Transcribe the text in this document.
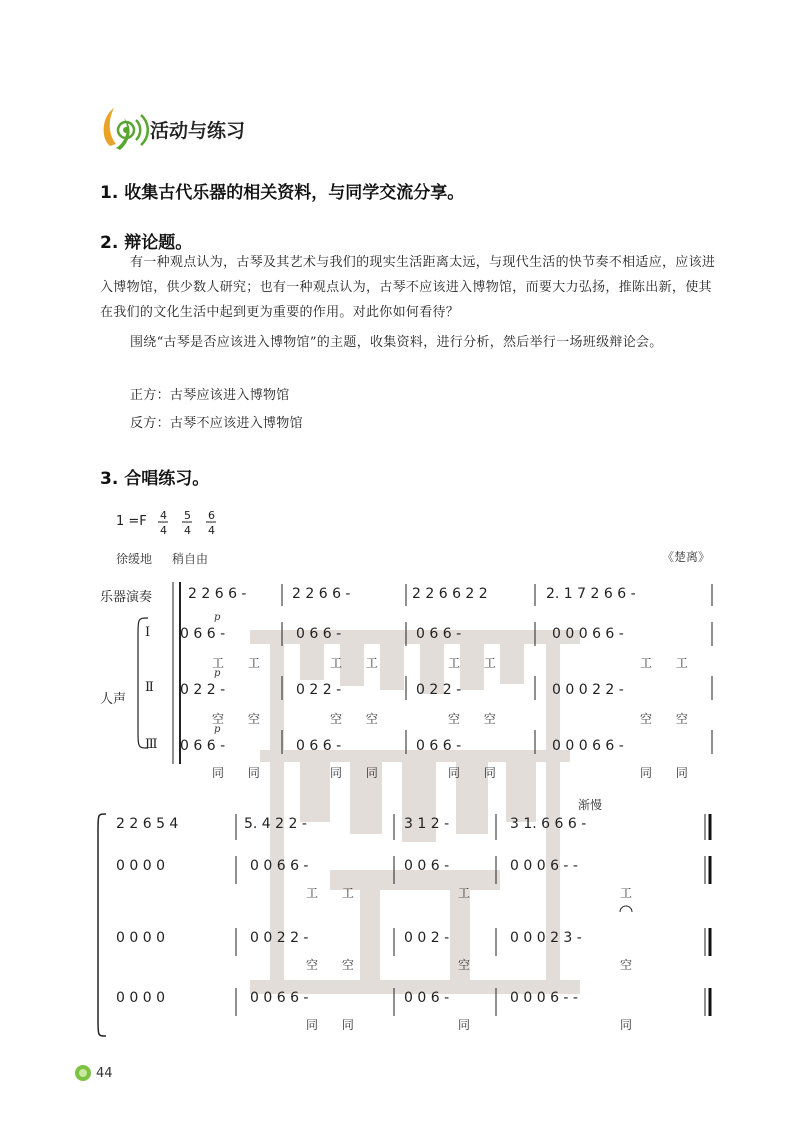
活动与练习
1. 收集古代乐器的相关资料，与同学交流分享。
2. 辩论题。
有一种观点认为，古琴及其艺术与我们的现实生活距离太远，与现代生活的快节奏不相适应，应该进入博物馆，供少数人研究；也有一种观点认为，古琴不应该进入博物馆，而要大力弘扬，推陈出新，使其在我们的文化生活中起到更为重要的作用。对此你如何看待？
围绕“古琴是否应该进入博物馆”的主题，收集资料，进行分析，然后举行一场班级辩论会。
正方：古琴应该进入博物馆
反方：古琴不应该进入博物馆
3. 合唱练习。
1 =F 4
4
5
4
6
4
徐缓地 稍自由	《楚离》
乐器演奏
人声
Ⅰ
Ⅱ
Ⅲ
p
p
p
2 2 6 6 -	2 2 6 6 -	2 2 6 6 2 2	2. 1 7 2 6 6 -
0 6 6 -	0 6 6 -	0 6 6 -	0 0 0 6 6 -
工 工	工 工	工 工	工 工
0 2 2 -	0 2 2 -	0 2 2 -	0 0 0 2 2 -
空 空	空 空	空 空	空 空
0 6 6 -	0 6 6 -	0 6 6 -	0 0 0 6 6 -
同 同	同 同	同 同	同 同
渐慢
2 2 6 5 4	5. 4 2 2 -	3 1 2 -	3 1. 6 6 6 -
0 0 0 0	0 0 6 6 -	0 0 6 -	0 0 0 6 - -
工 工	工	工
0 0 0 0	0 0 2 2 -	0 0 2 -	0 0 0 2 3 -
空 空	空	空
0 0 0 0	0 0 6 6 -	0 0 6 -	0 0 0 6 - -
同 同	同	同
44
